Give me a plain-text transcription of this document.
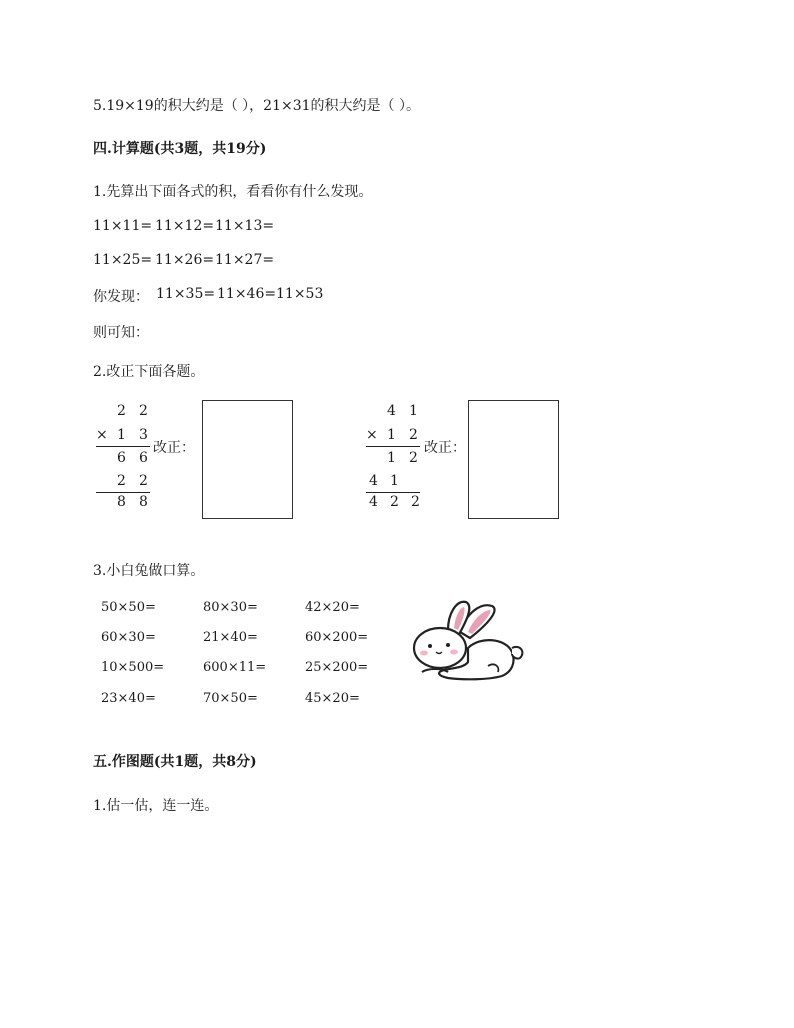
5.19×19的积大约是（ ），21×31的积大约是（ ）。
四.计算题(共3题，共19分)
1.先算出下面各式的积，看看你有什么发现。
11×11= 11×12= 11×13=
11×25= 11×26= 11×27=
你发现： 11×35= 11×46= 11×53
则可知：
2.改正下面各题。
2 2
× 1 3
6 6
2 2
8 8
改正：
4 1
× 1 2
1 2
4 1
4 2 2
改正：
3.小白兔做口算。
50×50=
60×30=
10×500=
23×40=
80×30=
21×40=
600×11=
70×50=
42×20=
60×200=
25×200=
45×20=
五.作图题(共1题，共8分)
1.估一估，连一连。
